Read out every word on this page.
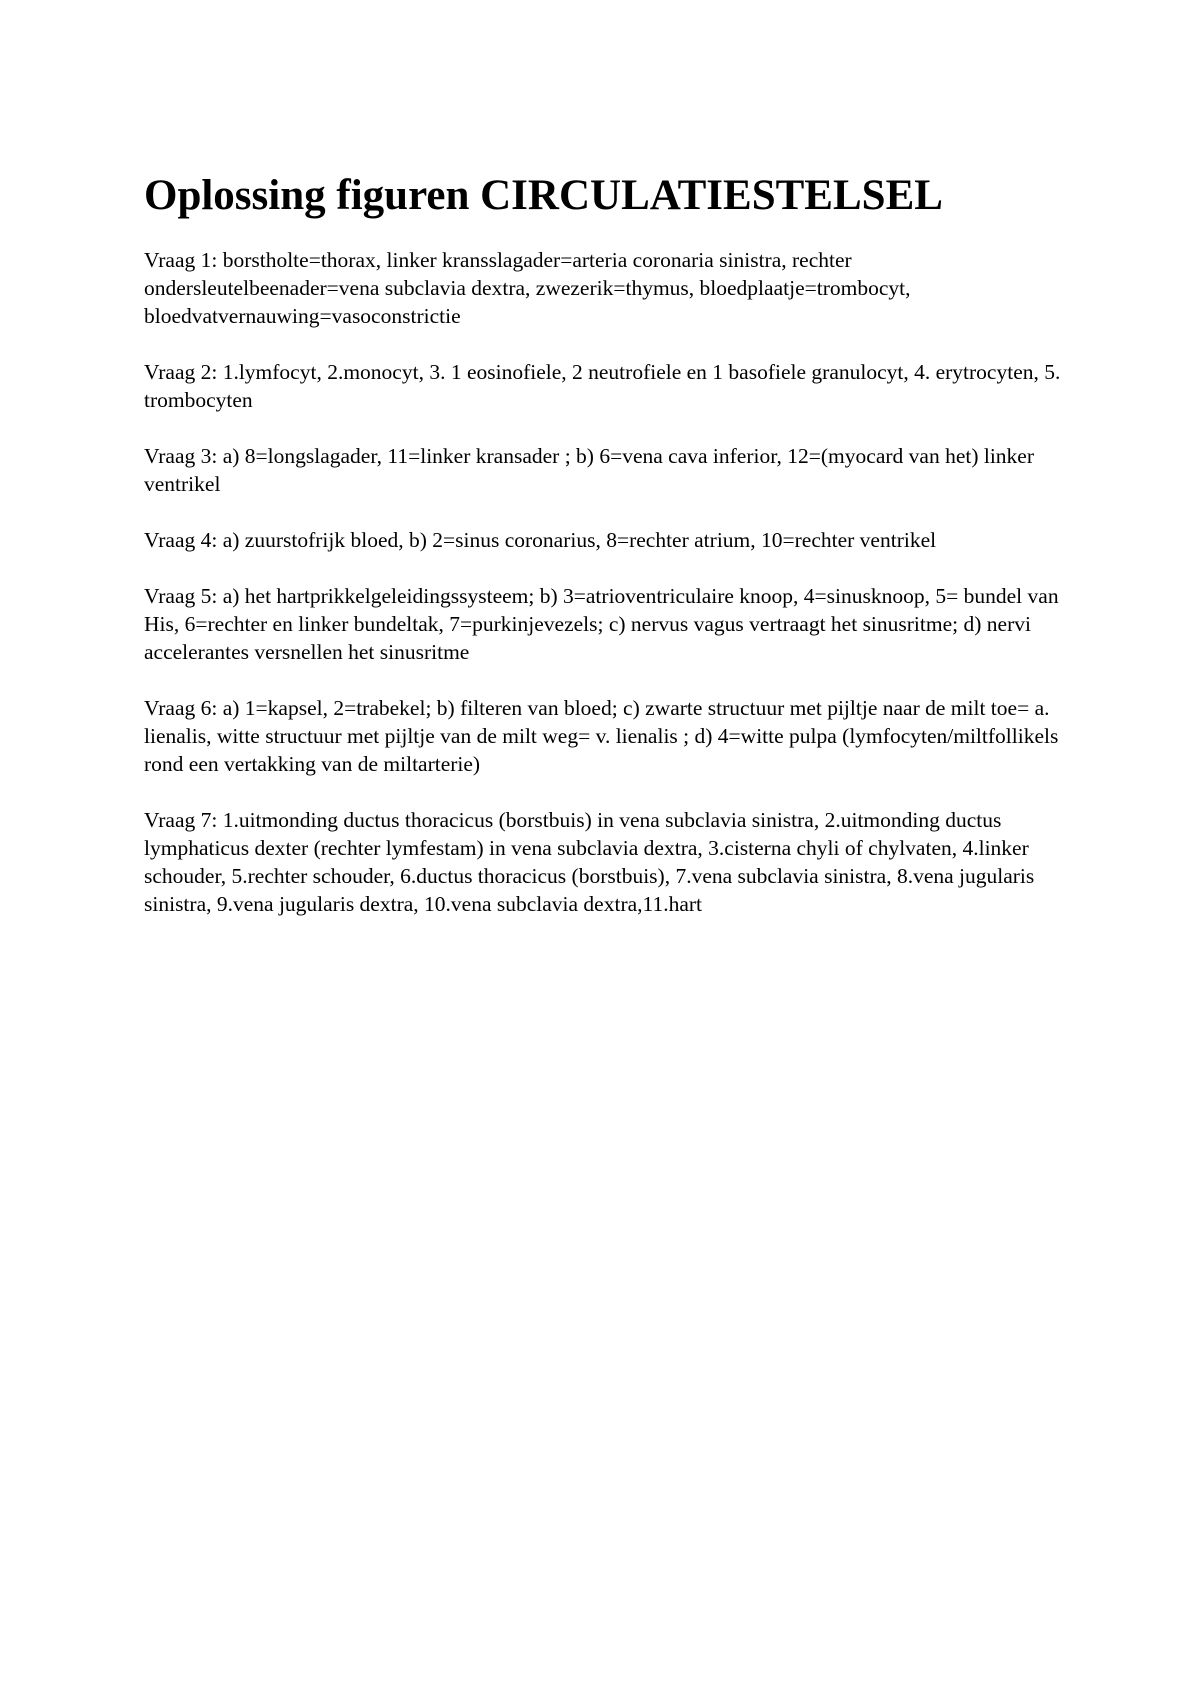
Oplossing figuren CIRCULATIESTELSEL

Vraag 1: borstholte=thorax, linker kransslagader=arteria coronaria sinistra, rechter ondersleutelbeenader=vena subclavia dextra, zwezerik=thymus, bloedplaatje=trombocyt, bloedvatvernauwing=vasoconstrictie

Vraag 2: 1.lymfocyt, 2.monocyt, 3. 1 eosinofiele, 2 neutrofiele en 1 basofiele granulocyt, 4. erytrocyten, 5. trombocyten

Vraag 3: a) 8=longslagader, 11=linker kransader ; b) 6=vena cava inferior, 12=(myocard van het) linker ventrikel

Vraag 4: a) zuurstofrijk bloed, b) 2=sinus coronarius, 8=rechter atrium, 10=rechter ventrikel

Vraag 5: a) het hartprikkelgeleidingssysteem; b) 3=atrioventriculaire knoop, 4=sinusknoop, 5= bundel van His, 6=rechter en linker bundeltak, 7=purkinjevezels; c) nervus vagus vertraagt het sinusritme; d) nervi accelerantes versnellen het sinusritme

Vraag 6: a) 1=kapsel, 2=trabekel; b) filteren van bloed; c) zwarte structuur met pijltje naar de milt toe= a. lienalis, witte structuur met pijltje van de milt weg= v. lienalis ; d) 4=witte pulpa (lymfocyten/miltfollikels rond een vertakking van de miltarterie)

Vraag 7: 1.uitmonding ductus thoracicus (borstbuis) in vena subclavia sinistra, 2.uitmonding ductus lymphaticus dexter (rechter lymfestam) in vena subclavia dextra, 3.cisterna chyli of chylvaten, 4.linker schouder, 5.rechter schouder, 6.ductus thoracicus (borstbuis), 7.vena subclavia sinistra, 8.vena jugularis sinistra, 9.vena jugularis dextra, 10.vena subclavia dextra,11.hart
